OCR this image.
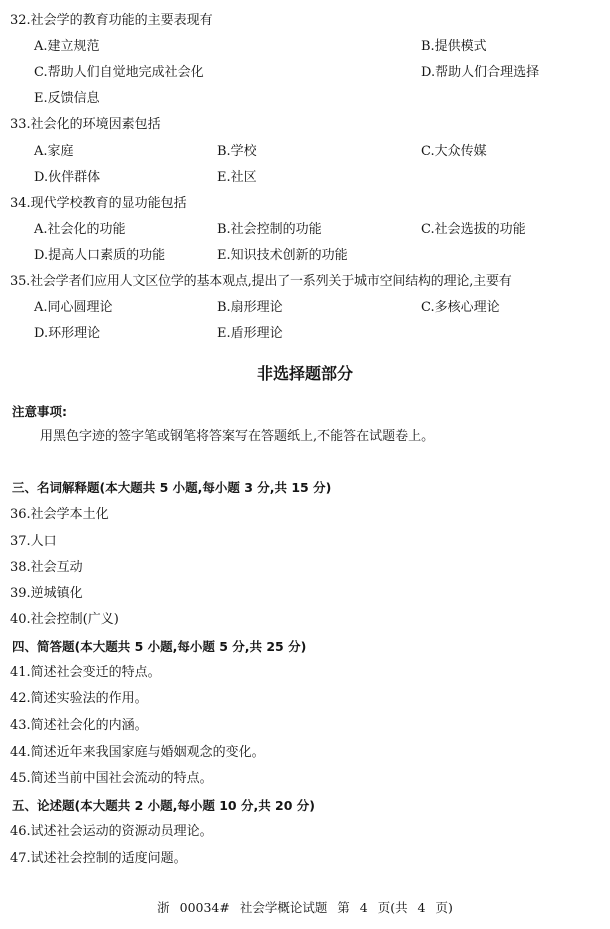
32.社会学的教育功能的主要表现有
A.建立规范	B.提供模式
C.帮助人们自觉地完成社会化	D.帮助人们合理选择
E.反馈信息
33.社会化的环境因素包括
A.家庭	B.学校	C.大众传媒
D.伙伴群体	E.社区
34.现代学校教育的显功能包括
A.社会化的功能	B.社会控制的功能	C.社会选拔的功能
D.提高人口素质的功能	E.知识技术创新的功能
35.社会学者们应用人文区位学的基本观点,提出了一系列关于城市空间结构的理论,主要有
A.同心圆理论	B.扇形理论	C.多核心理论
D.环形理论	E.盾形理论
非选择题部分
注意事项:
用黑色字迹的签字笔或钢笔将答案写在答题纸上,不能答在试题卷上。
三、名词解释题(本大题共 5 小题,每小题 3 分,共 15 分)
36.社会学本土化
37.人口
38.社会互动
39.逆城镇化
40.社会控制(广义)
四、简答题(本大题共 5 小题,每小题 5 分,共 25 分)
41.简述社会变迁的特点。
42.简述实验法的作用。
43.简述社会化的内涵。
44.简述近年来我国家庭与婚姻观念的变化。
45.简述当前中国社会流动的特点。
五、论述题(本大题共 2 小题,每小题 10 分,共 20 分)
46.试述社会运动的资源动员理论。
47.试述社会控制的适度问题。
浙 00034# 社会学概论试题 第 4 页(共 4 页)
